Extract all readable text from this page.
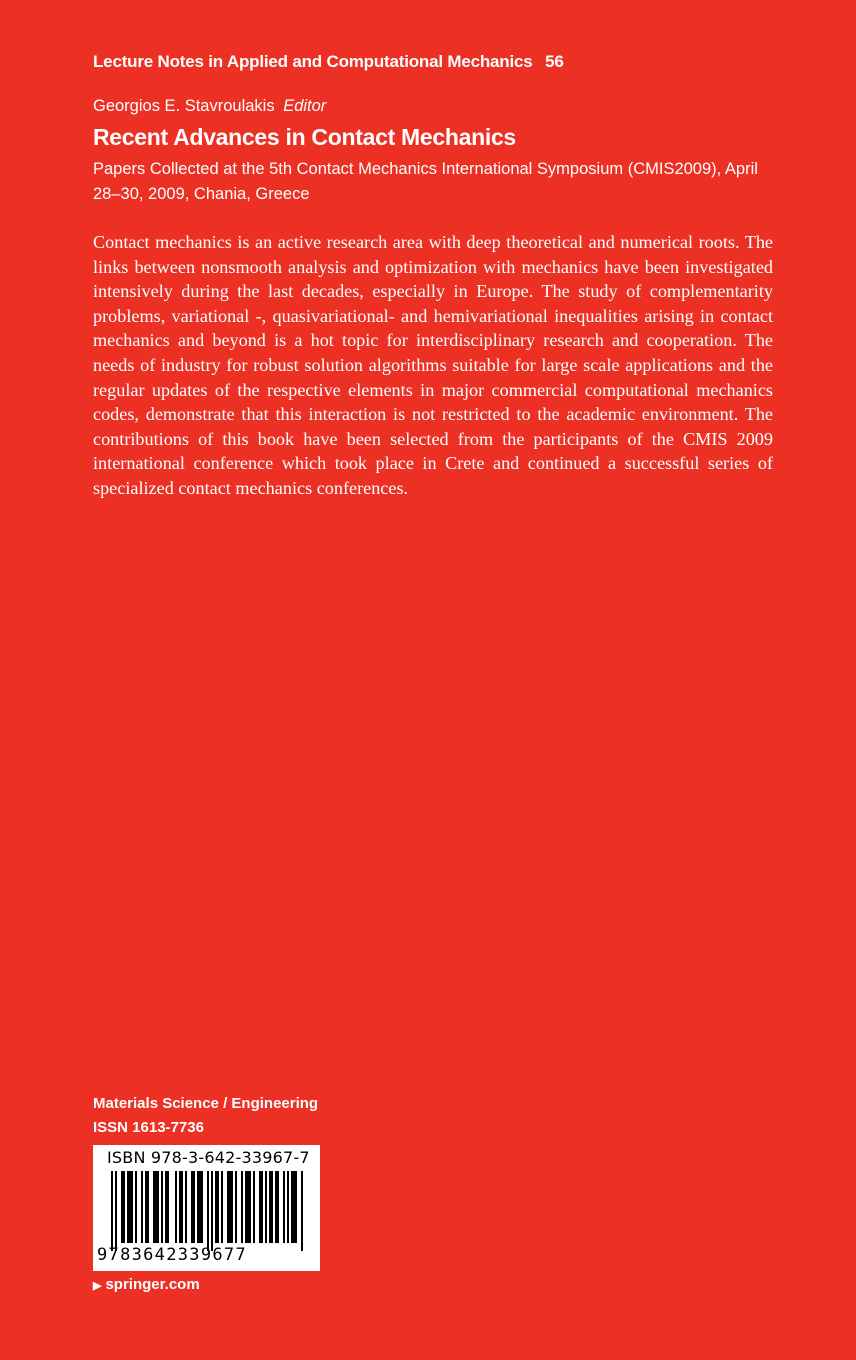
Lecture Notes in Applied and Computational Mechanics 56
Georgios E. Stavroulakis Editor
Recent Advances in Contact Mechanics
Papers Collected at the 5th Contact Mechanics International Symposium (CMIS2009), April 28–30, 2009, Chania, Greece
Contact mechanics is an active research area with deep theoretical and numerical roots. The links between nonsmooth analysis and optimization with mechanics have been investigated intensively during the last decades, especially in Europe. The study of complementarity problems, variational -, quasivariational- and hemivariational inequalities arising in contact mechanics and beyond is a hot topic for interdisciplinary research and cooperation. The needs of industry for robust solution algorithms suitable for large scale applications and the regular updates of the respective elements in major commercial computational mechanics codes, demonstrate that this interaction is not restricted to the academic environment. The contributions of this book have been selected from the participants of the CMIS 2009 international conference which took place in Crete and continued a successful series of specialized contact mechanics conferences.
Materials Science / Engineering
ISSN 1613-7736
ISBN 978-3-642-33967-7
9783642339677
▶ springer.com
